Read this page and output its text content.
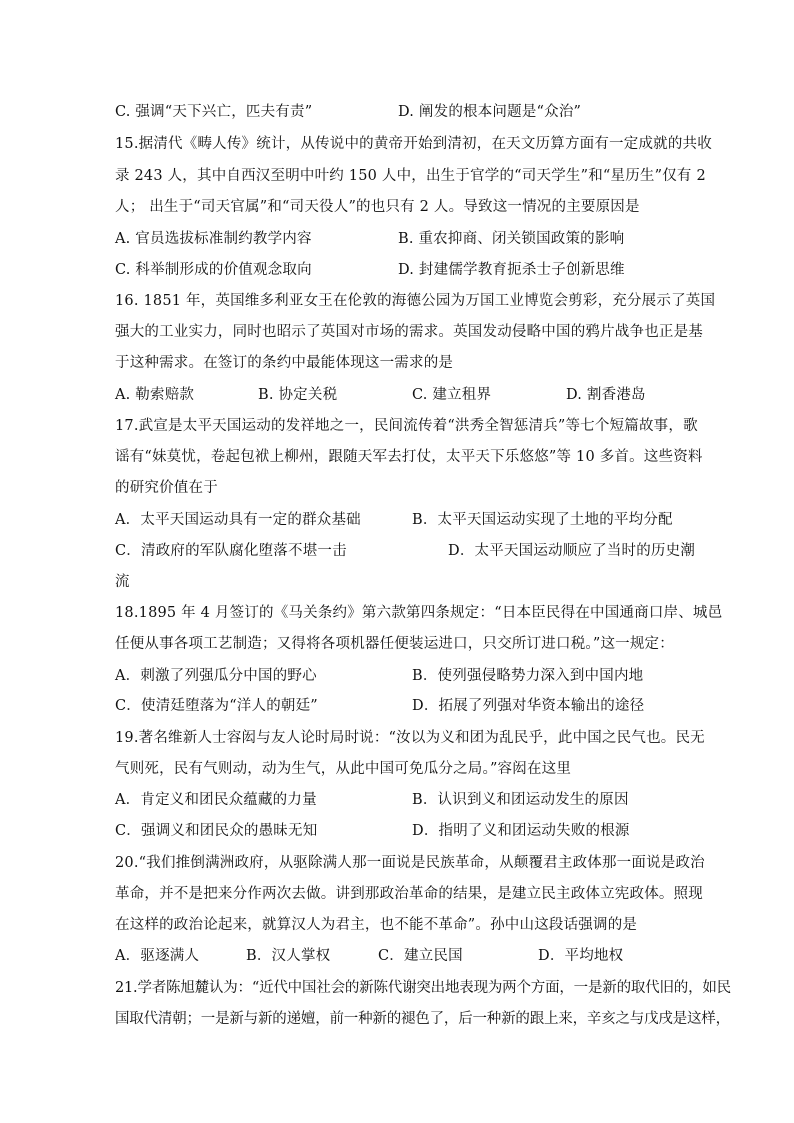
C. 强调“天下兴亡，匹夫有责”	D. 阐发的根本问题是“众治”
15.据清代《畴人传》统计，从传说中的黄帝开始到清初，在天文历算方面有一定成就的共收
录 243 人，其中自西汉至明中叶约 150 人中，出生于官学的“司天学生”和“星历生”仅有 2
人； 出生于“司天官属”和“司天役人”的也只有 2 人。导致这一情况的主要原因是
A. 官员选拔标准制约教学内容	B. 重农抑商、闭关锁国政策的影响
C. 科举制形成的价值观念取向	D. 封建儒学教育扼杀士子创新思维
16. 1851 年，英国维多利亚女王在伦敦的海德公园为万国工业博览会剪彩，充分展示了英国
强大的工业实力，同时也昭示了英国对市场的需求。英国发动侵略中国的鸦片战争也正是基
于这种需求。在签订的条约中最能体现这一需求的是
A. 勒索赔款	B. 协定关税	C. 建立租界	D. 割香港岛
17.武宣是太平天国运动的发祥地之一，民间流传着“洪秀全智惩清兵”等七个短篇故事，歌
谣有“妹莫忧，卷起包袱上柳州，跟随天军去打仗，太平天下乐悠悠”等 10 多首。这些资料
的研究价值在于
A．太平天国运动具有一定的群众基础	B．太平天国运动实现了土地的平均分配
C．清政府的军队腐化堕落不堪一击	D．太平天国运动顺应了当时的历史潮
流
18.1895 年 4 月签订的《马关条约》第六款第四条规定：“日本臣民得在中国通商口岸、城邑
任便从事各项工艺制造；又得将各项机器任便装运进口，只交所订进口税。”这一规定：
A．刺激了列强瓜分中国的野心	B．使列强侵略势力深入到中国内地
C．使清廷堕落为“洋人的朝廷”	D．拓展了列强对华资本输出的途径
19.著名维新人士容闳与友人论时局时说：“汝以为义和团为乱民乎，此中国之民气也。民无
气则死，民有气则动，动为生气，从此中国可免瓜分之局。”容闳在这里
A．肯定义和团民众蕴藏的力量	B．认识到义和团运动发生的原因
C．强调义和团民众的愚昧无知	D．指明了义和团运动失败的根源
20.“我们推倒满洲政府，从驱除满人那一面说是民族革命，从颠覆君主政体那一面说是政治
革命，并不是把来分作两次去做。讲到那政治革命的结果，是建立民主政体立宪政体。照现
在这样的政治论起来，就算汉人为君主，也不能不革命”。孙中山这段话强调的是
A．驱逐满人	B．汉人掌权	C．建立民国	D．平均地权
21.学者陈旭麓认为：“近代中国社会的新陈代谢突出地表现为两个方面，一是新的取代旧的，如民
国取代清朝；一是新与新的递嬗，前一种新的褪色了，后一种新的跟上来，辛亥之与戊戌是这样，
